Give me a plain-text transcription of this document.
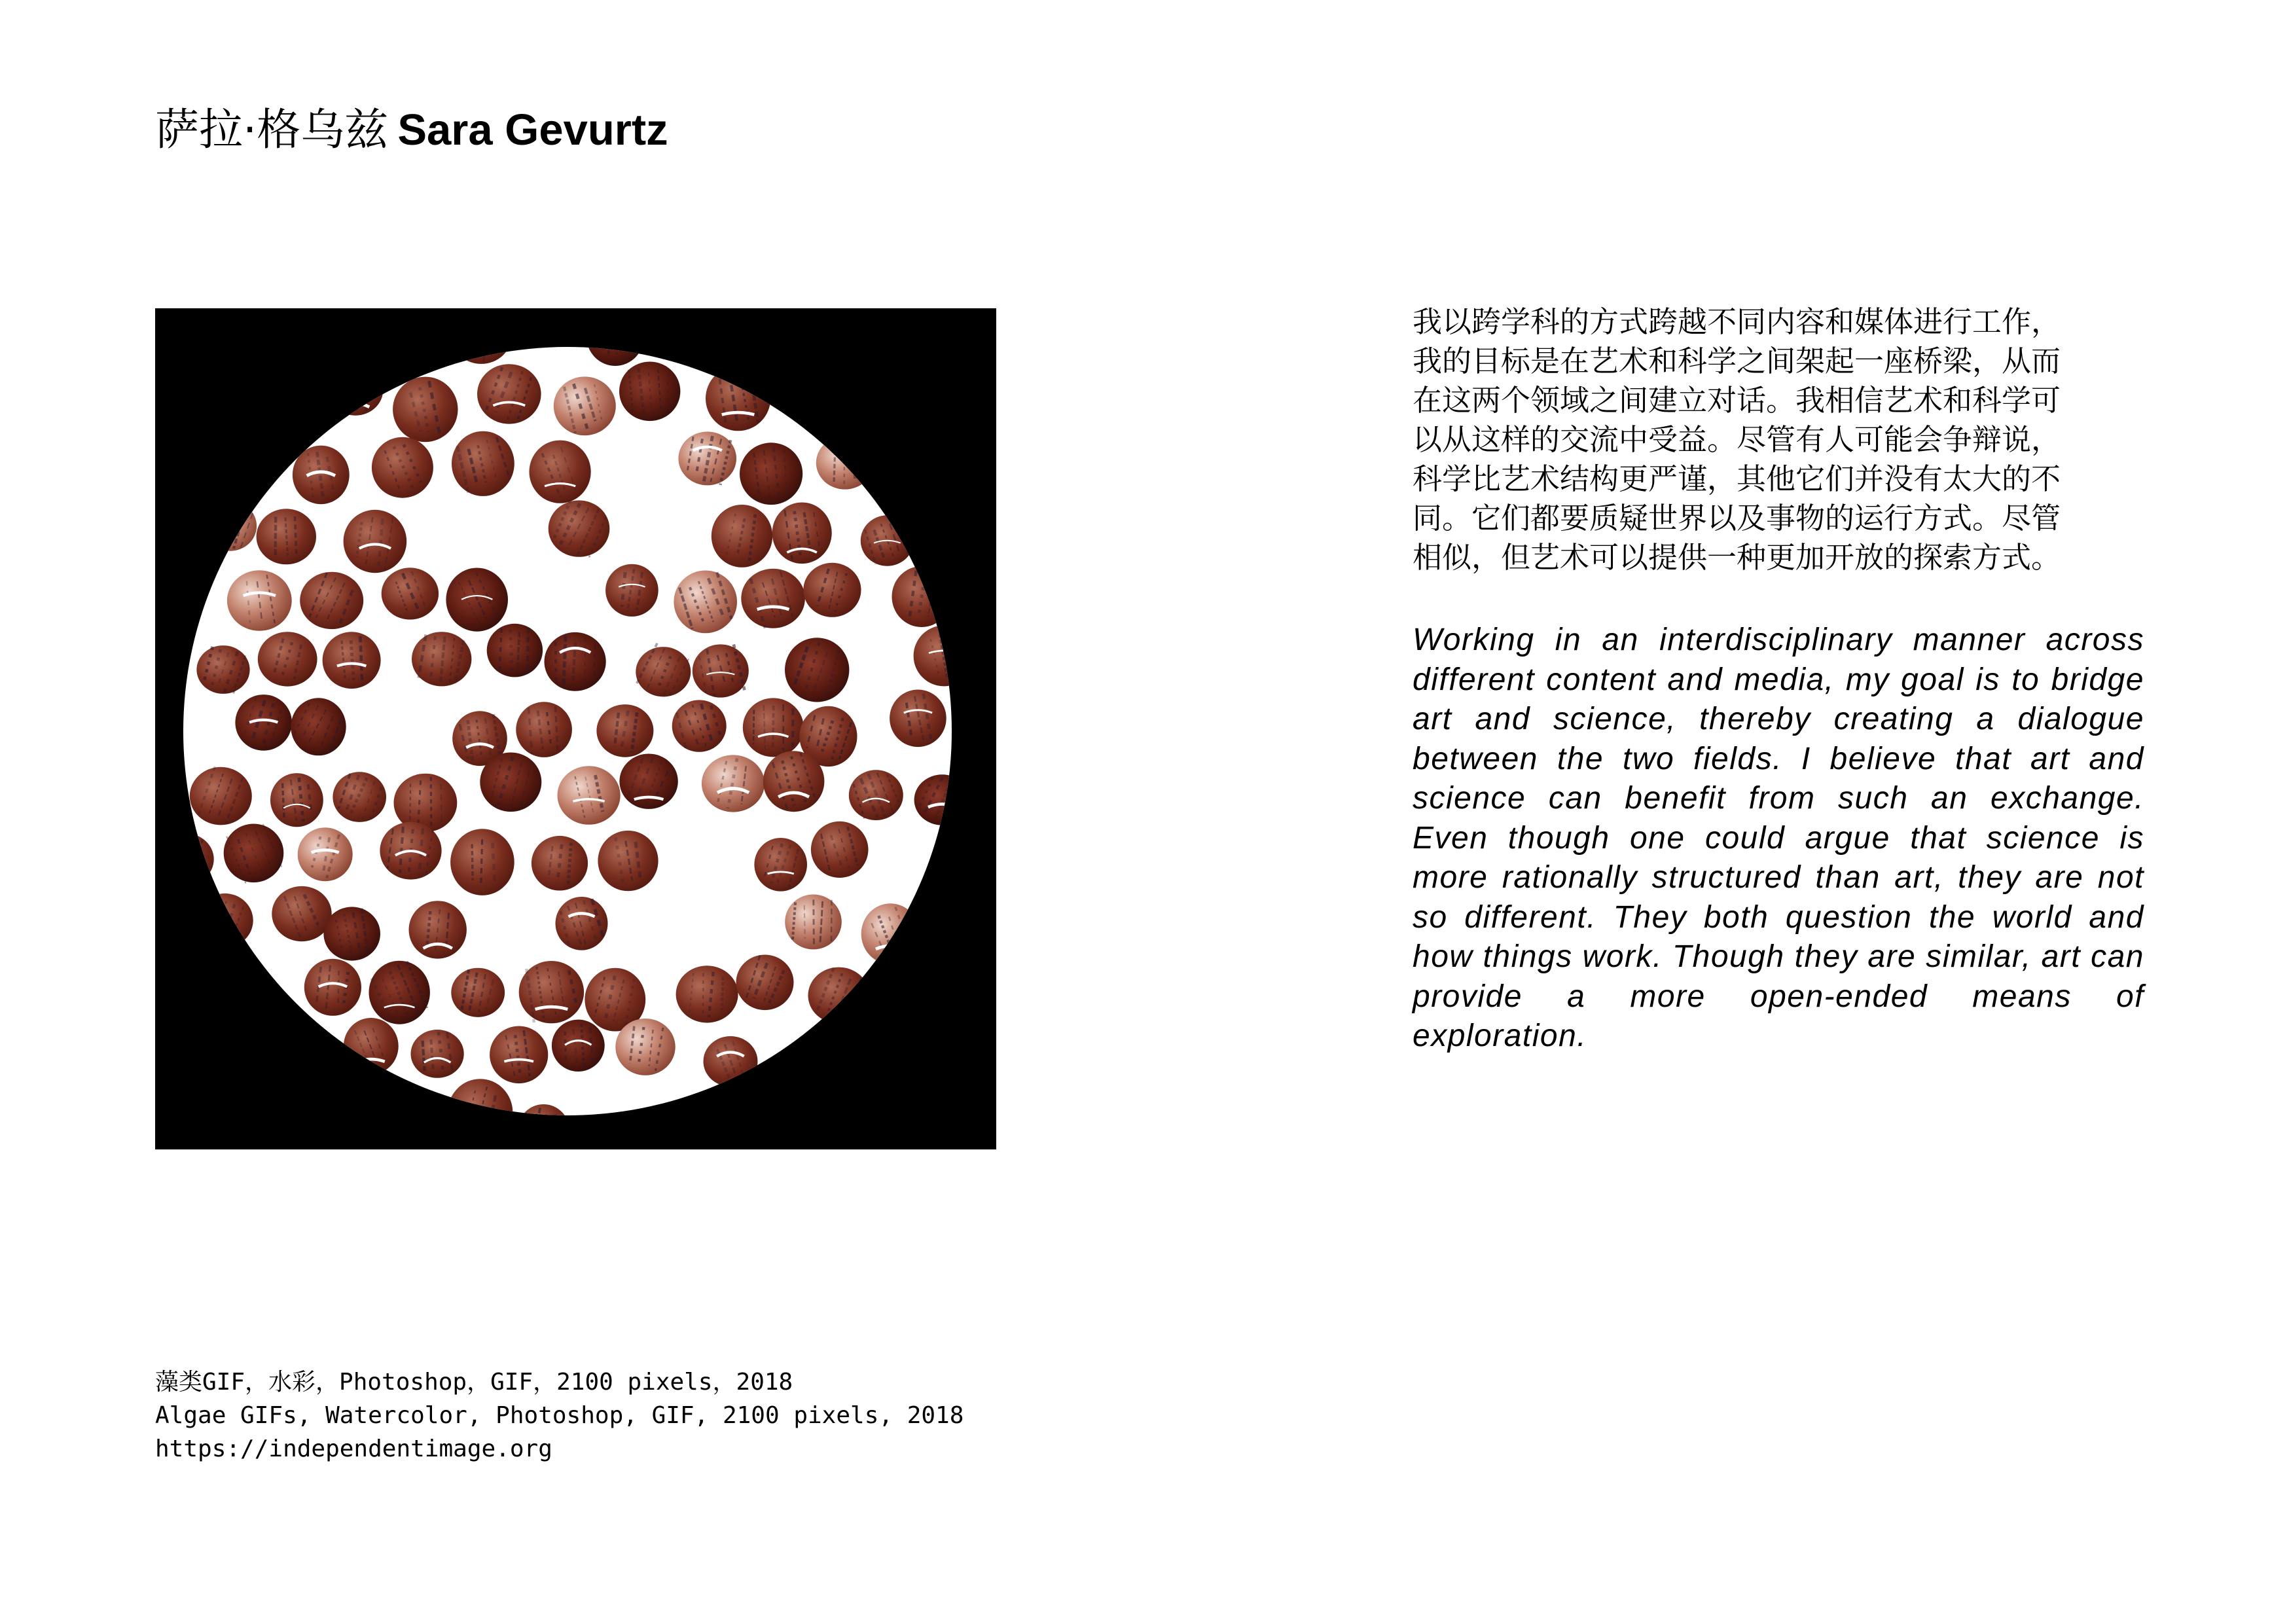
萨拉·格乌兹 Sara Gevurtz
我以跨学科的方式跨越不同内容和媒体进行工作，
我的目标是在艺术和科学之间架起一座桥梁，从而
在这两个领域之间建立对话。我相信艺术和科学可
以从这样的交流中受益。尽管有人可能会争辩说，
科学比艺术结构更严谨，其他它们并没有太大的不
同。它们都要质疑世界以及事物的运行方式。尽管
相似，但艺术可以提供一种更加开放的探索方式。
Working in an interdisciplinary manner across different content and media, my goal is to bridge art and science, thereby creating a dialogue between the two fields. I believe that art and science can benefit from such an exchange. Even though one could argue that science is more rationally structured than art, they are not so different. They both question the world and how things work. Though they are similar, art can provide a more open-ended means of exploration.
藻类GIF，水彩，Photoshop，GIF，2100 pixels，2018
Algae GIFs, Watercolor, Photoshop, GIF, 2100 pixels, 2018
https://independentimage.org
